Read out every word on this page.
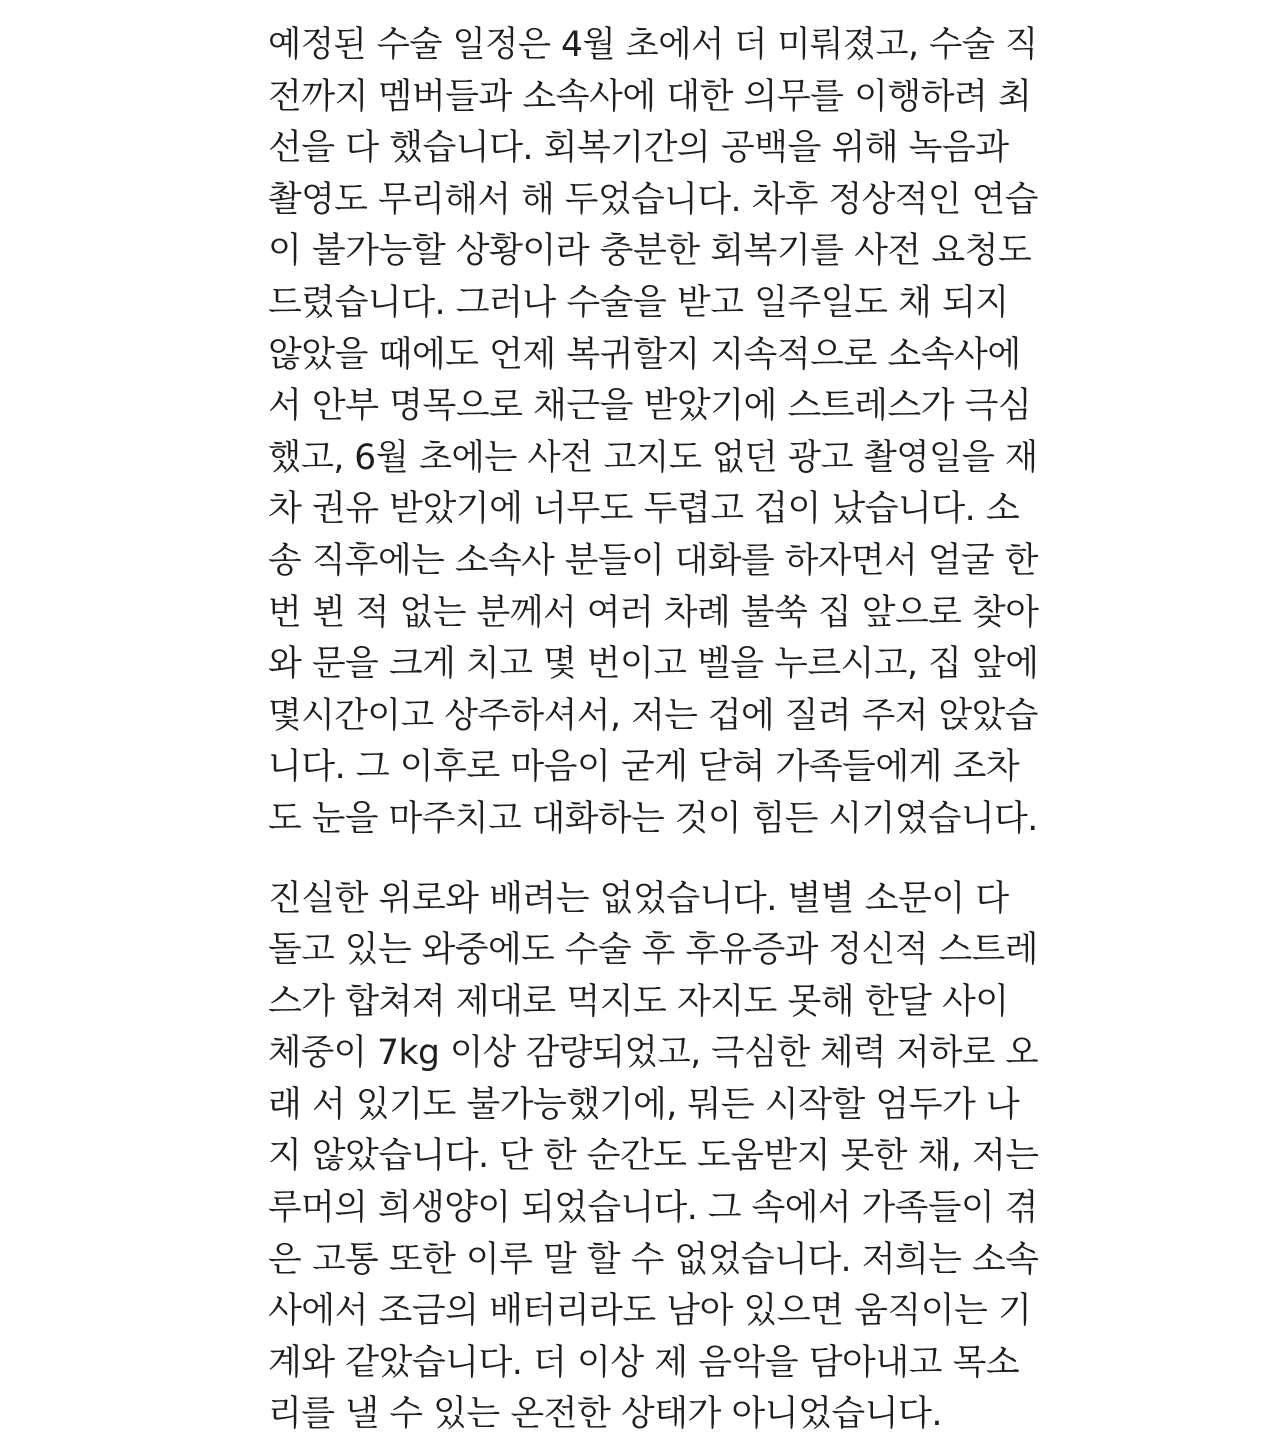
예정된 수술 일정은 4월 초에서 더 미뤄졌고, 수술 직
전까지 멤버들과 소속사에 대한 의무를 이행하려 최
선을 다 했습니다. 회복기간의 공백을 위해 녹음과
촬영도 무리해서 해 두었습니다. 차후 정상적인 연습
이 불가능할 상황이라 충분한 회복기를 사전 요청도
드렸습니다. 그러나 수술을 받고 일주일도 채 되지
않았을 때에도 언제 복귀할지 지속적으로 소속사에
서 안부 명목으로 채근을 받았기에 스트레스가 극심
했고, 6월 초에는 사전 고지도 없던 광고 촬영일을 재
차 권유 받았기에 너무도 두렵고 겁이 났습니다. 소
송 직후에는 소속사 분들이 대화를 하자면서 얼굴 한
번 뵌 적 없는 분께서 여러 차례 불쑥 집 앞으로 찾아
와 문을 크게 치고 몇 번이고 벨을 누르시고, 집 앞에
몇시간이고 상주하셔서, 저는 겁에 질려 주저 앉았습
니다. 그 이후로 마음이 굳게 닫혀 가족들에게 조차
도 눈을 마주치고 대화하는 것이 힘든 시기였습니다.
진실한 위로와 배려는 없었습니다. 별별 소문이 다
돌고 있는 와중에도 수술 후 후유증과 정신적 스트레
스가 합쳐져 제대로 먹지도 자지도 못해 한달 사이
체중이 7kg 이상 감량되었고, 극심한 체력 저하로 오
래 서 있기도 불가능했기에, 뭐든 시작할 엄두가 나
지 않았습니다. 단 한 순간도 도움받지 못한 채, 저는
루머의 희생양이 되었습니다. 그 속에서 가족들이 겪
은 고통 또한 이루 말 할 수 없었습니다. 저희는 소속
사에서 조금의 배터리라도 남아 있으면 움직이는 기
계와 같았습니다. 더 이상 제 음악을 담아내고 목소
리를 낼 수 있는 온전한 상태가 아니었습니다.
